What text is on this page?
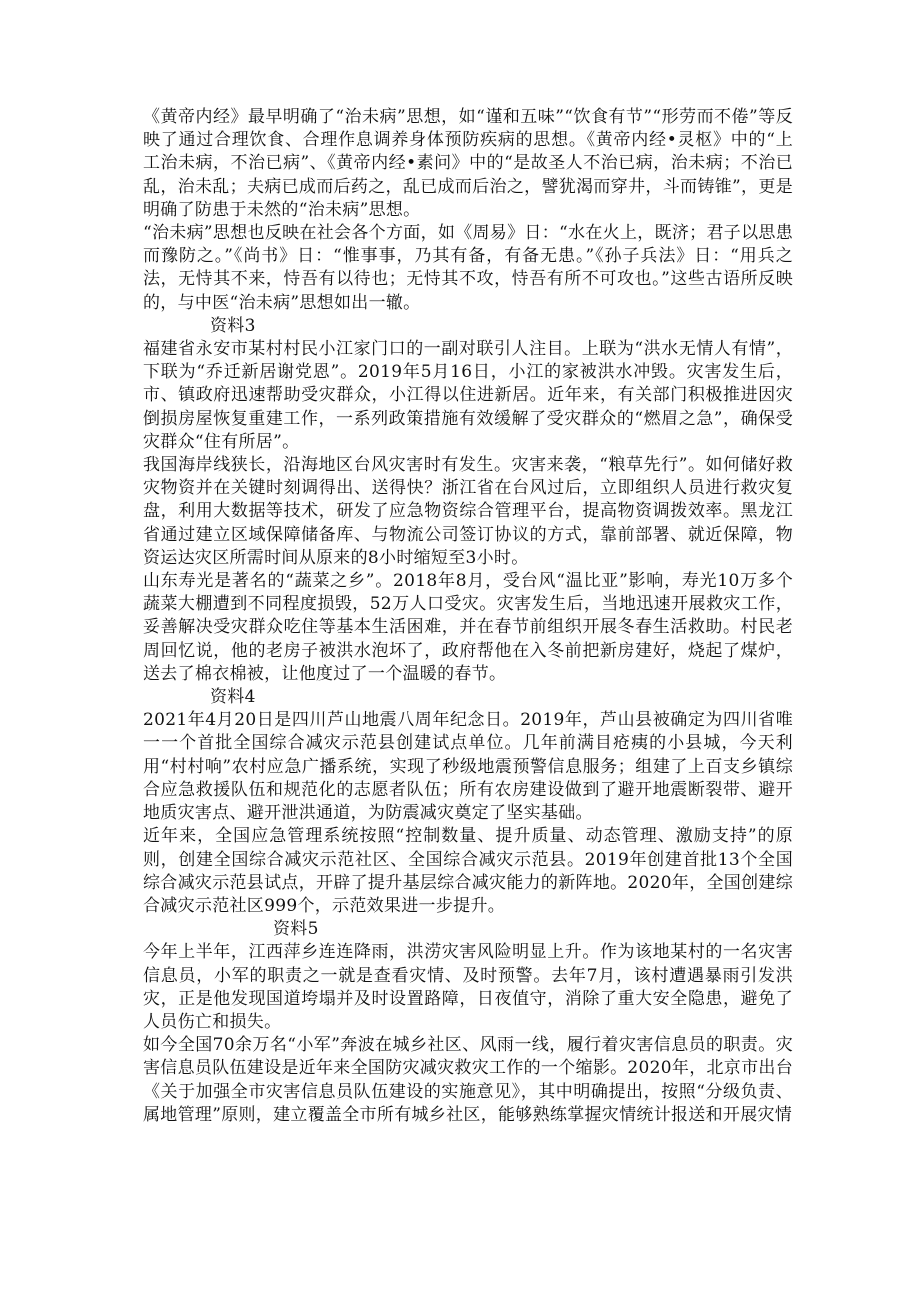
《黄帝内经》最早明确了“治未病”思想，如“谨和五味”“饮食有节”“形劳而不倦”等反映了通过合理饮食、合理作息调养身体预防疾病的思想。《黄帝内经•灵枢》中的“上工治未病，不治已病”、《黄帝内经•素问》中的“是故圣人不治已病，治未病；不治已乱，治未乱；夫病已成而后药之，乱已成而后治之，譬犹渴而穿井，斗而铸锥”，更是明确了防患于未然的“治未病”思想。

“治未病”思想也反映在社会各个方面，如《周易》日：“水在火上，既济；君子以思患而豫防之。”《尚书》日：“惟事事，乃其有备，有备无患。”《孙子兵法》日：“用兵之法，无恃其不来，恃吾有以待也；无恃其不攻，恃吾有所不可攻也。”这些古语所反映的，与中医“治未病”思想如出一辙。

资料3

福建省永安市某村村民小江家门口的一副对联引人注目。上联为“洪水无情人有情”，下联为“乔迁新居谢党恩”。2019年5月16日，小江的家被洪水冲毁。灾害发生后，市、镇政府迅速帮助受灾群众，小江得以住进新居。近年来，有关部门积极推进因灾倒损房屋恢复重建工作，一系列政策措施有效缓解了受灾群众的“燃眉之急”，确保受灾群众“住有所居”。

我国海岸线狭长，沿海地区台风灾害时有发生。灾害来袭，“粮草先行”。如何储好救灾物资并在关键时刻调得出、送得快？浙江省在台风过后，立即组织人员进行救灾复盘，利用大数据等技术，研发了应急物资综合管理平台，提高物资调拨效率。黑龙江省通过建立区域保障储备库、与物流公司签订协议的方式，靠前部署、就近保障，物资运达灾区所需时间从原来的8小时缩短至3小时。

山东寿光是著名的“蔬菜之乡”。2018年8月，受台风“温比亚”影响，寿光10万多个蔬菜大棚遭到不同程度损毁，52万人口受灾。灾害发生后，当地迅速开展救灾工作，妥善解决受灾群众吃住等基本生活困难，并在春节前组织开展冬春生活救助。村民老周回忆说，他的老房子被洪水泡坏了，政府帮他在入冬前把新房建好，烧起了煤炉，送去了棉衣棉被，让他度过了一个温暖的春节。

资料4

2021年4月20日是四川芦山地震八周年纪念日。2019年，芦山县被确定为四川省唯一一个首批全国综合减灾示范县创建试点单位。几年前满目疮痍的小县城，今天利用“村村响”农村应急广播系统，实现了秒级地震预警信息服务；组建了上百支乡镇综合应急救援队伍和规范化的志愿者队伍；所有农房建设做到了避开地震断裂带、避开地质灾害点、避开泄洪通道，为防震减灾奠定了坚实基础。

近年来，全国应急管理系统按照“控制数量、提升质量、动态管理、激励支持”的原则，创建全国综合减灾示范社区、全国综合减灾示范县。2019年创建首批13个全国综合减灾示范县试点，开辟了提升基层综合减灾能力的新阵地。2020年，全国创建综合减灾示范社区999个，示范效果进一步提升。

资料5

今年上半年，江西萍乡连连降雨，洪涝灾害风险明显上升。作为该地某村的一名灾害信息员，小军的职责之一就是查看灾情、及时预警。去年7月，该村遭遇暴雨引发洪灾，正是他发现国道垮塌并及时设置路障，日夜值守，消除了重大安全隐患，避免了人员伤亡和损失。

如今全国70余万名“小军”奔波在城乡社区、风雨一线，履行着灾害信息员的职责。灾害信息员队伍建设是近年来全国防灾减灾救灾工作的一个缩影。2020年，北京市出台《关于加强全市灾害信息员队伍建设的实施意见》，其中明确提出，按照“分级负责、属地管理”原则，建立覆盖全市所有城乡社区，能够熟练掌握灾情统计报送和开展灾情
